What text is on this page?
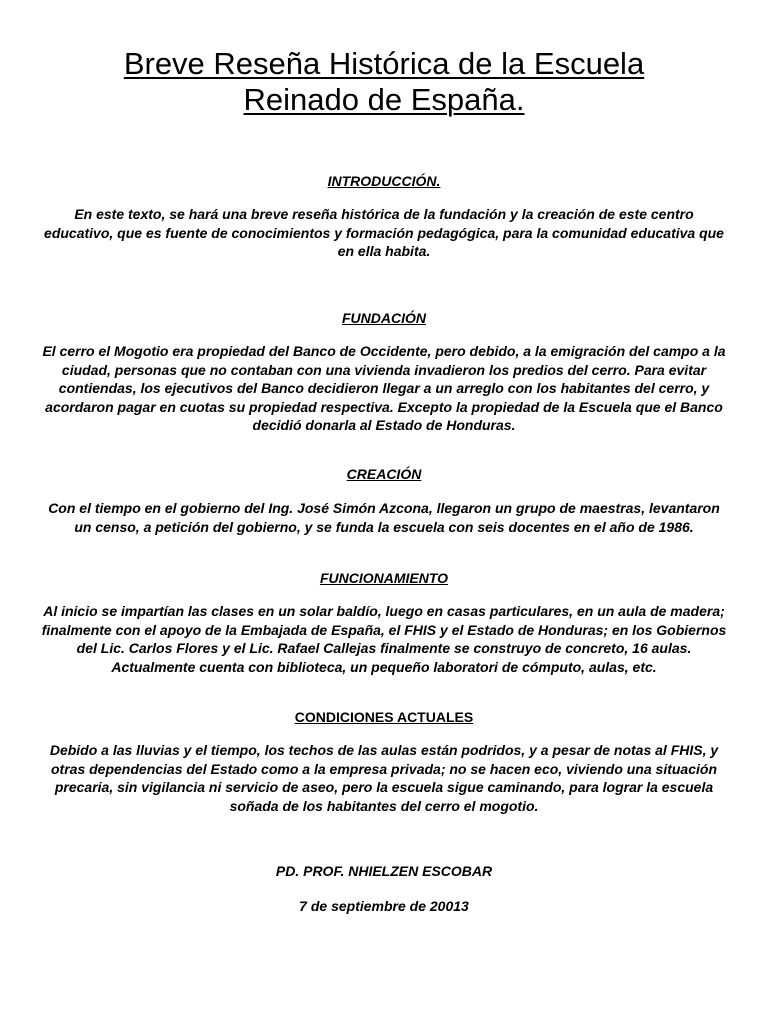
Breve Reseña Histórica de la Escuela
Reinado de España.
INTRODUCCIÓN.

En este texto, se hará una breve reseña histórica de la fundación y la creación de este centro educativo, que es fuente de conocimientos y formación pedagógica, para la comunidad educativa que en ella habita.

FUNDACIÓN

El cerro el Mogotio era propiedad del Banco de Occidente, pero debido, a la emigración del campo a la ciudad, personas que no contaban con una vivienda invadieron los predios del cerro. Para evitar contiendas, los ejecutivos del Banco decidieron llegar a un arreglo con los habitantes del cerro, y acordaron pagar en cuotas su propiedad respectiva. Excepto la propiedad de la Escuela que el Banco decidió donarla al Estado de Honduras.

CREACIÓN

Con el tiempo en el gobierno del Ing. José Simón Azcona, llegaron un grupo de maestras, levantaron un censo, a petición del gobierno, y se funda la escuela con seis docentes en el año de 1986.

FUNCIONAMIENTO

Al inicio se impartían las clases en un solar baldío, luego en casas particulares, en un aula de madera; finalmente con el apoyo de la Embajada de España, el FHIS y el Estado de Honduras; en los Gobiernos del Lic. Carlos Flores y el Lic. Rafael Callejas finalmente se construyo de concreto, 16 aulas. Actualmente cuenta con biblioteca, un pequeño laboratori de cómputo, aulas, etc.

CONDICIONES ACTUALES

Debido a las lluvias y el tiempo, los techos de las aulas están podridos, y a pesar de notas al FHIS, y otras dependencias del Estado como a la empresa privada; no se hacen eco, viviendo una situación precaria, sin vigilancia ni servicio de aseo, pero la escuela sigue caminando, para lograr la escuela soñada de los habitantes del cerro el mogotio.

PD. PROF. NHIELZEN ESCOBAR

7 de septiembre de 20013
